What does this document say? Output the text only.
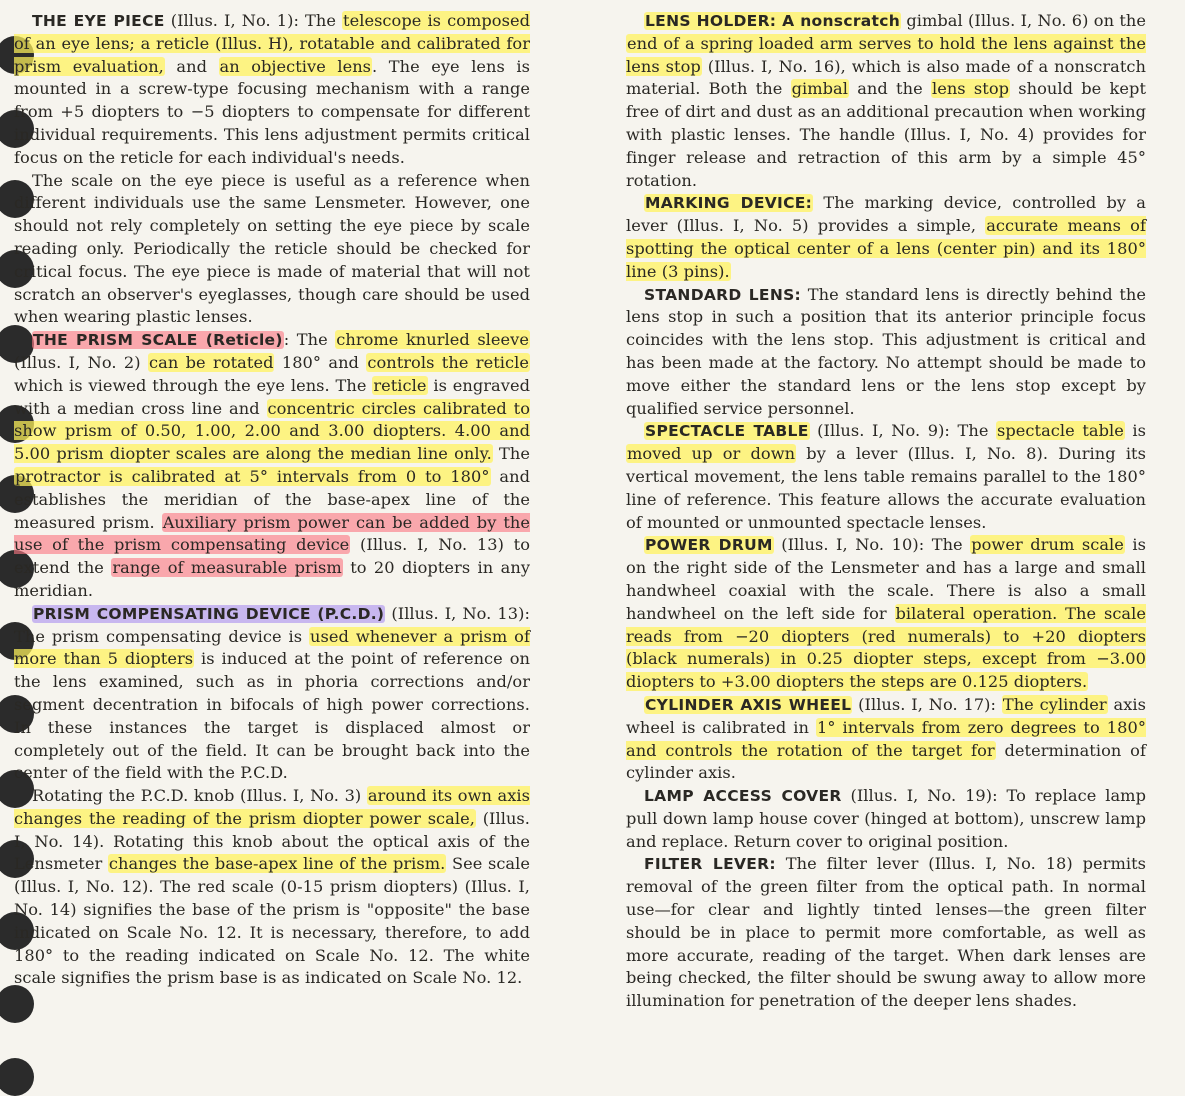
THE EYE PIECE (Illus. I, No. 1): The telescope is composed of an eye lens; a reticle (Illus. H), rotatable and calibrated for prism evaluation, and an objective lens. The eye lens is mounted in a screw-type focusing mechanism with a range from +5 diopters to −5 diopters to compensate for different individual requirements. This lens adjustment permits critical focus on the reticle for each individual's needs.

The scale on the eye piece is useful as a reference when different individuals use the same Lensmeter. However, one should not rely completely on setting the eye piece by scale reading only. Periodically the reticle should be checked for critical focus. The eye piece is made of material that will not scratch an observer's eyeglasses, though care should be used when wearing plastic lenses.

THE PRISM SCALE (Reticle): The chrome knurled sleeve (Illus. I, No. 2) can be rotated 180° and controls the reticle which is viewed through the eye lens. The reticle is engraved with a median cross line and concentric circles calibrated to show prism of 0.50, 1.00, 2.00 and 3.00 diopters. 4.00 and 5.00 prism diopter scales are along the median line only. The protractor is calibrated at 5° intervals from 0 to 180° and establishes the meridian of the base-apex line of the measured prism. Auxiliary prism power can be added by the use of the prism compensating device (Illus. I, No. 13) to extend the range of measurable prism to 20 diopters in any meridian.

PRISM COMPENSATING DEVICE (P.C.D.) (Illus. I, No. 13): The prism compensating device is used whenever a prism of more than 5 diopters is induced at the point of reference on the lens examined, such as in phoria corrections and/or segment decentration in bifocals of high power corrections. In these instances the target is displaced almost or completely out of the field. It can be brought back into the center of the field with the P.C.D.

Rotating the P.C.D. knob (Illus. I, No. 3) around its own axis changes the reading of the prism diopter power scale, (Illus. I, No. 14). Rotating this knob about the optical axis of the Lensmeter changes the base-apex line of the prism. See scale (Illus. I, No. 12). The red scale (0-15 prism diopters) (Illus. I, No. 14) signifies the base of the prism is "opposite" the base indicated on Scale No. 12. It is necessary, therefore, to add 180° to the reading indicated on Scale No. 12. The white scale signifies the prism base is as indicated on Scale No. 12.

LENS HOLDER: A nonscratch gimbal (Illus. I, No. 6) on the end of a spring loaded arm serves to hold the lens against the lens stop (Illus. I, No. 16), which is also made of a nonscratch material. Both the gimbal and the lens stop should be kept free of dirt and dust as an additional precaution when working with plastic lenses. The handle (Illus. I, No. 4) provides for finger release and retraction of this arm by a simple 45° rotation.

MARKING DEVICE: The marking device, controlled by a lever (Illus. I, No. 5) provides a simple, accurate means of spotting the optical center of a lens (center pin) and its 180° line (3 pins).

STANDARD LENS: The standard lens is directly behind the lens stop in such a position that its anterior principle focus coincides with the lens stop. This adjustment is critical and has been made at the factory. No attempt should be made to move either the standard lens or the lens stop except by qualified service personnel.

SPECTACLE TABLE (Illus. I, No. 9): The spectacle table is moved up or down by a lever (Illus. I, No. 8). During its vertical movement, the lens table remains parallel to the 180° line of reference. This feature allows the accurate evaluation of mounted or unmounted spectacle lenses.

POWER DRUM (Illus. I, No. 10): The power drum scale is on the right side of the Lensmeter and has a large and small handwheel coaxial with the scale. There is also a small handwheel on the left side for bilateral operation. The scale reads from −20 diopters (red numerals) to +20 diopters (black numerals) in 0.25 diopter steps, except from −3.00 diopters to +3.00 diopters the steps are 0.125 diopters.

CYLINDER AXIS WHEEL (Illus. I, No. 17): The cylinder axis wheel is calibrated in 1° intervals from zero degrees to 180° and controls the rotation of the target for determination of cylinder axis.

LAMP ACCESS COVER (Illus. I, No. 19): To replace lamp pull down lamp house cover (hinged at bottom), unscrew lamp and replace. Return cover to original position.

FILTER LEVER: The filter lever (Illus. I, No. 18) permits removal of the green filter from the optical path. In normal use—for clear and lightly tinted lenses—the green filter should be in place to permit more comfortable, as well as more accurate, reading of the target. When dark lenses are being checked, the filter should be swung away to allow more illumination for penetration of the deeper lens shades.
